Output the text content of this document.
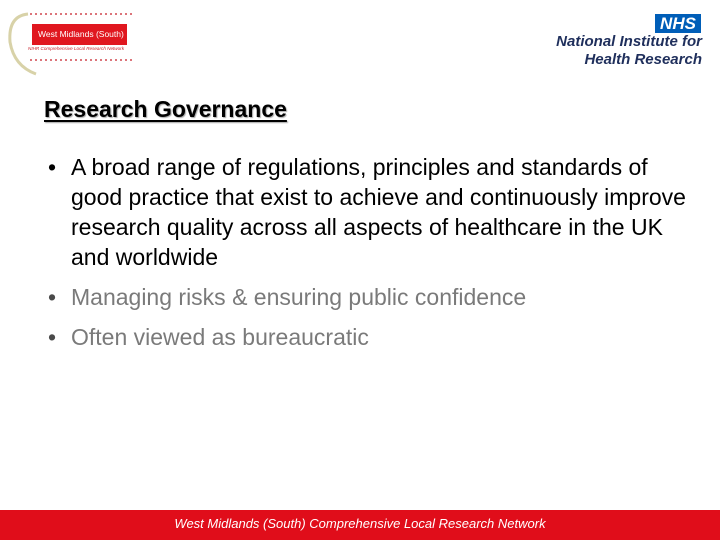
West Midlands (South)
NIHR Comprehensive Local Research Network
NHS
National Institute for
Health Research
Research Governance
• A broad range of regulations, principles and standards of good practice that exist to achieve and continuously improve research quality across all aspects of healthcare in the UK and worldwide
• Managing risks & ensuring public confidence
• Often viewed as bureaucratic
West Midlands (South) Comprehensive Local Research Network
